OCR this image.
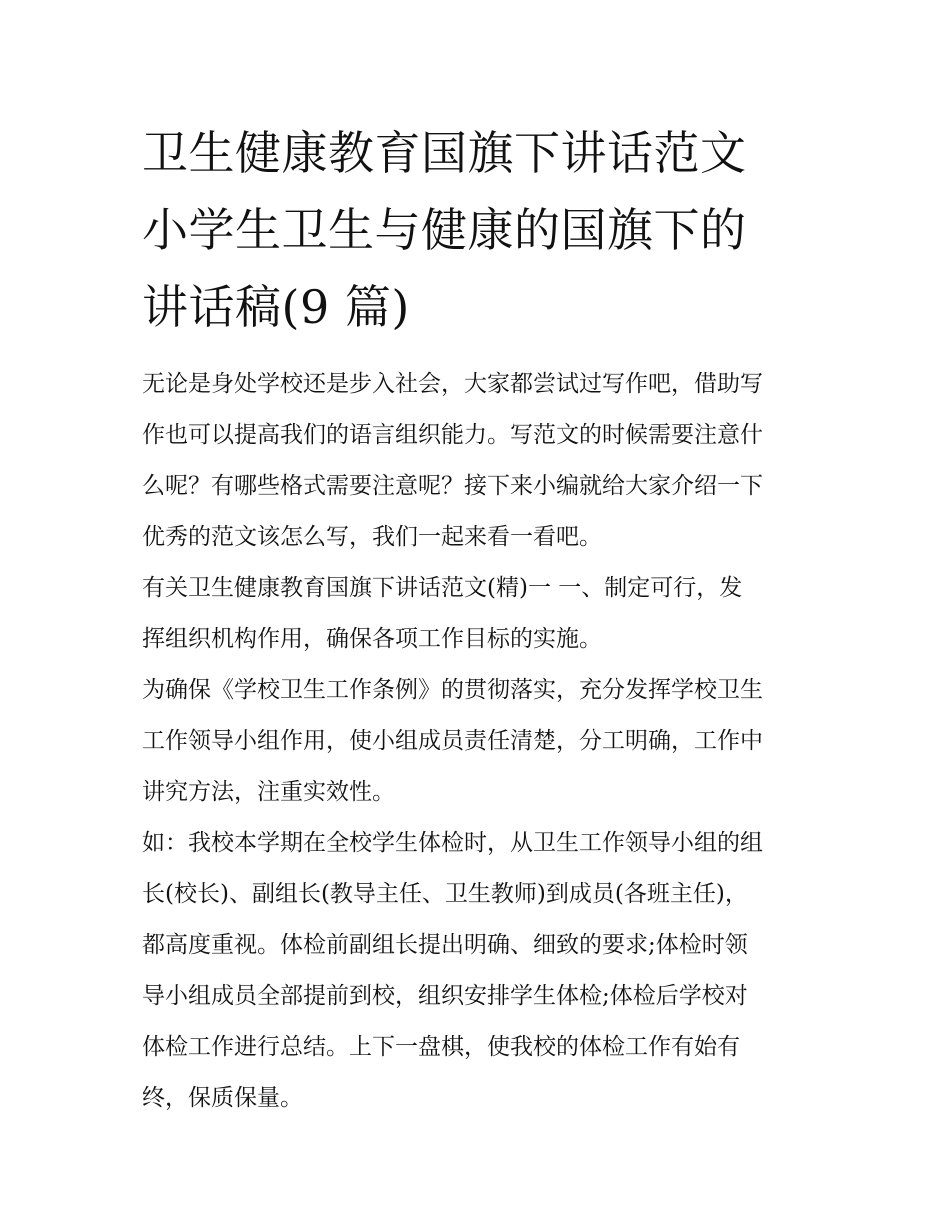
卫生健康教育国旗下讲话范文
小学生卫生与健康的国旗下的
讲话稿(9 篇)

无论是身处学校还是步入社会，大家都尝试过写作吧，借助写
作也可以提高我们的语言组织能力。写范文的时候需要注意什
么呢？有哪些格式需要注意呢？接下来小编就给大家介绍一下
优秀的范文该怎么写，我们一起来看一看吧。

有关卫生健康教育国旗下讲话范文(精)一 一、制定可行，发
挥组织机构作用，确保各项工作目标的实施。

为确保《学校卫生工作条例》的贯彻落实，充分发挥学校卫生
工作领导小组作用，使小组成员责任清楚，分工明确，工作中
讲究方法，注重实效性。

如：我校本学期在全校学生体检时，从卫生工作领导小组的组
长(校长)、副组长(教导主任、卫生教师)到成员(各班主任)，
都高度重视。体检前副组长提出明确、细致的要求;体检时领
导小组成员全部提前到校，组织安排学生体检;体检后学校对
体检工作进行总结。上下一盘棋，使我校的体检工作有始有
终，保质保量。
